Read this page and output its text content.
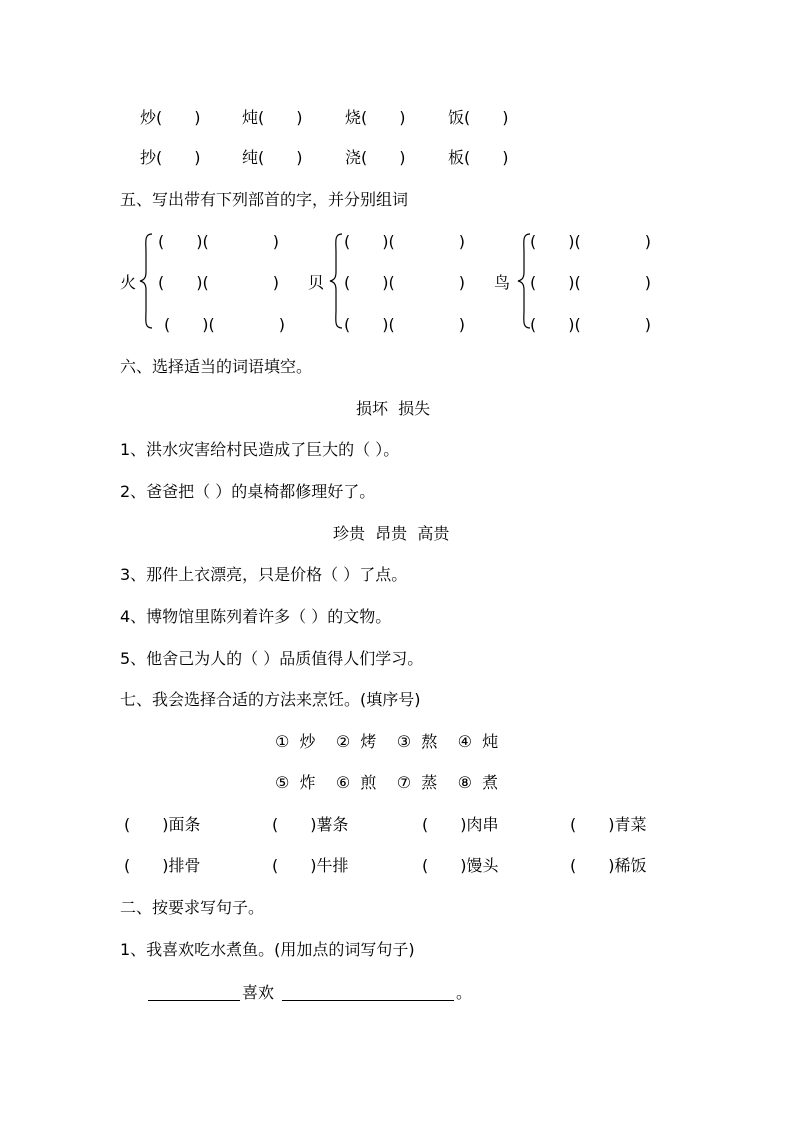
炒(　　)	炖(　　)	烧(　　)	饭(　　)
抄(　　)	纯(　　)	浇(　　)	板(　　)
五、写出带有下列部首的字，并分别组词
火
(　　)(　　　　)
(　　)(　　　　)
(　　)(　　　　)
贝
(　　)(　　　　)
(　　)(　　　　)
(　　)(　　　　)
鸟
(　　)(　　　　)
(　　)(　　　　)
(　　)(　　　　)
六、选择适当的词语填空。
损坏  损失
1、洪水灾害给村民造成了巨大的（ ）。
2、爸爸把（ ）的桌椅都修理好了。
珍贵  昂贵  高贵
3、那件上衣漂亮，只是价格（ ）了点。
4、博物馆里陈列着许多（ ）的文物。
5、他舍己为人的（ ）品质值得人们学习。
七、我会选择合适的方法来烹饪。(填序号)
①  炒    ②  烤    ③  熬    ④  炖
⑤  炸    ⑥  煎    ⑦  蒸    ⑧  煮
(　　)面条	(　　)薯条	(　　)肉串	(　　)青菜
(　　)排骨	(　　)牛排	(　　)馒头	(　　)稀饭
二、按要求写句子。
1、我喜欢吃水煮鱼。(用加点的词写句子)
喜欢	。
